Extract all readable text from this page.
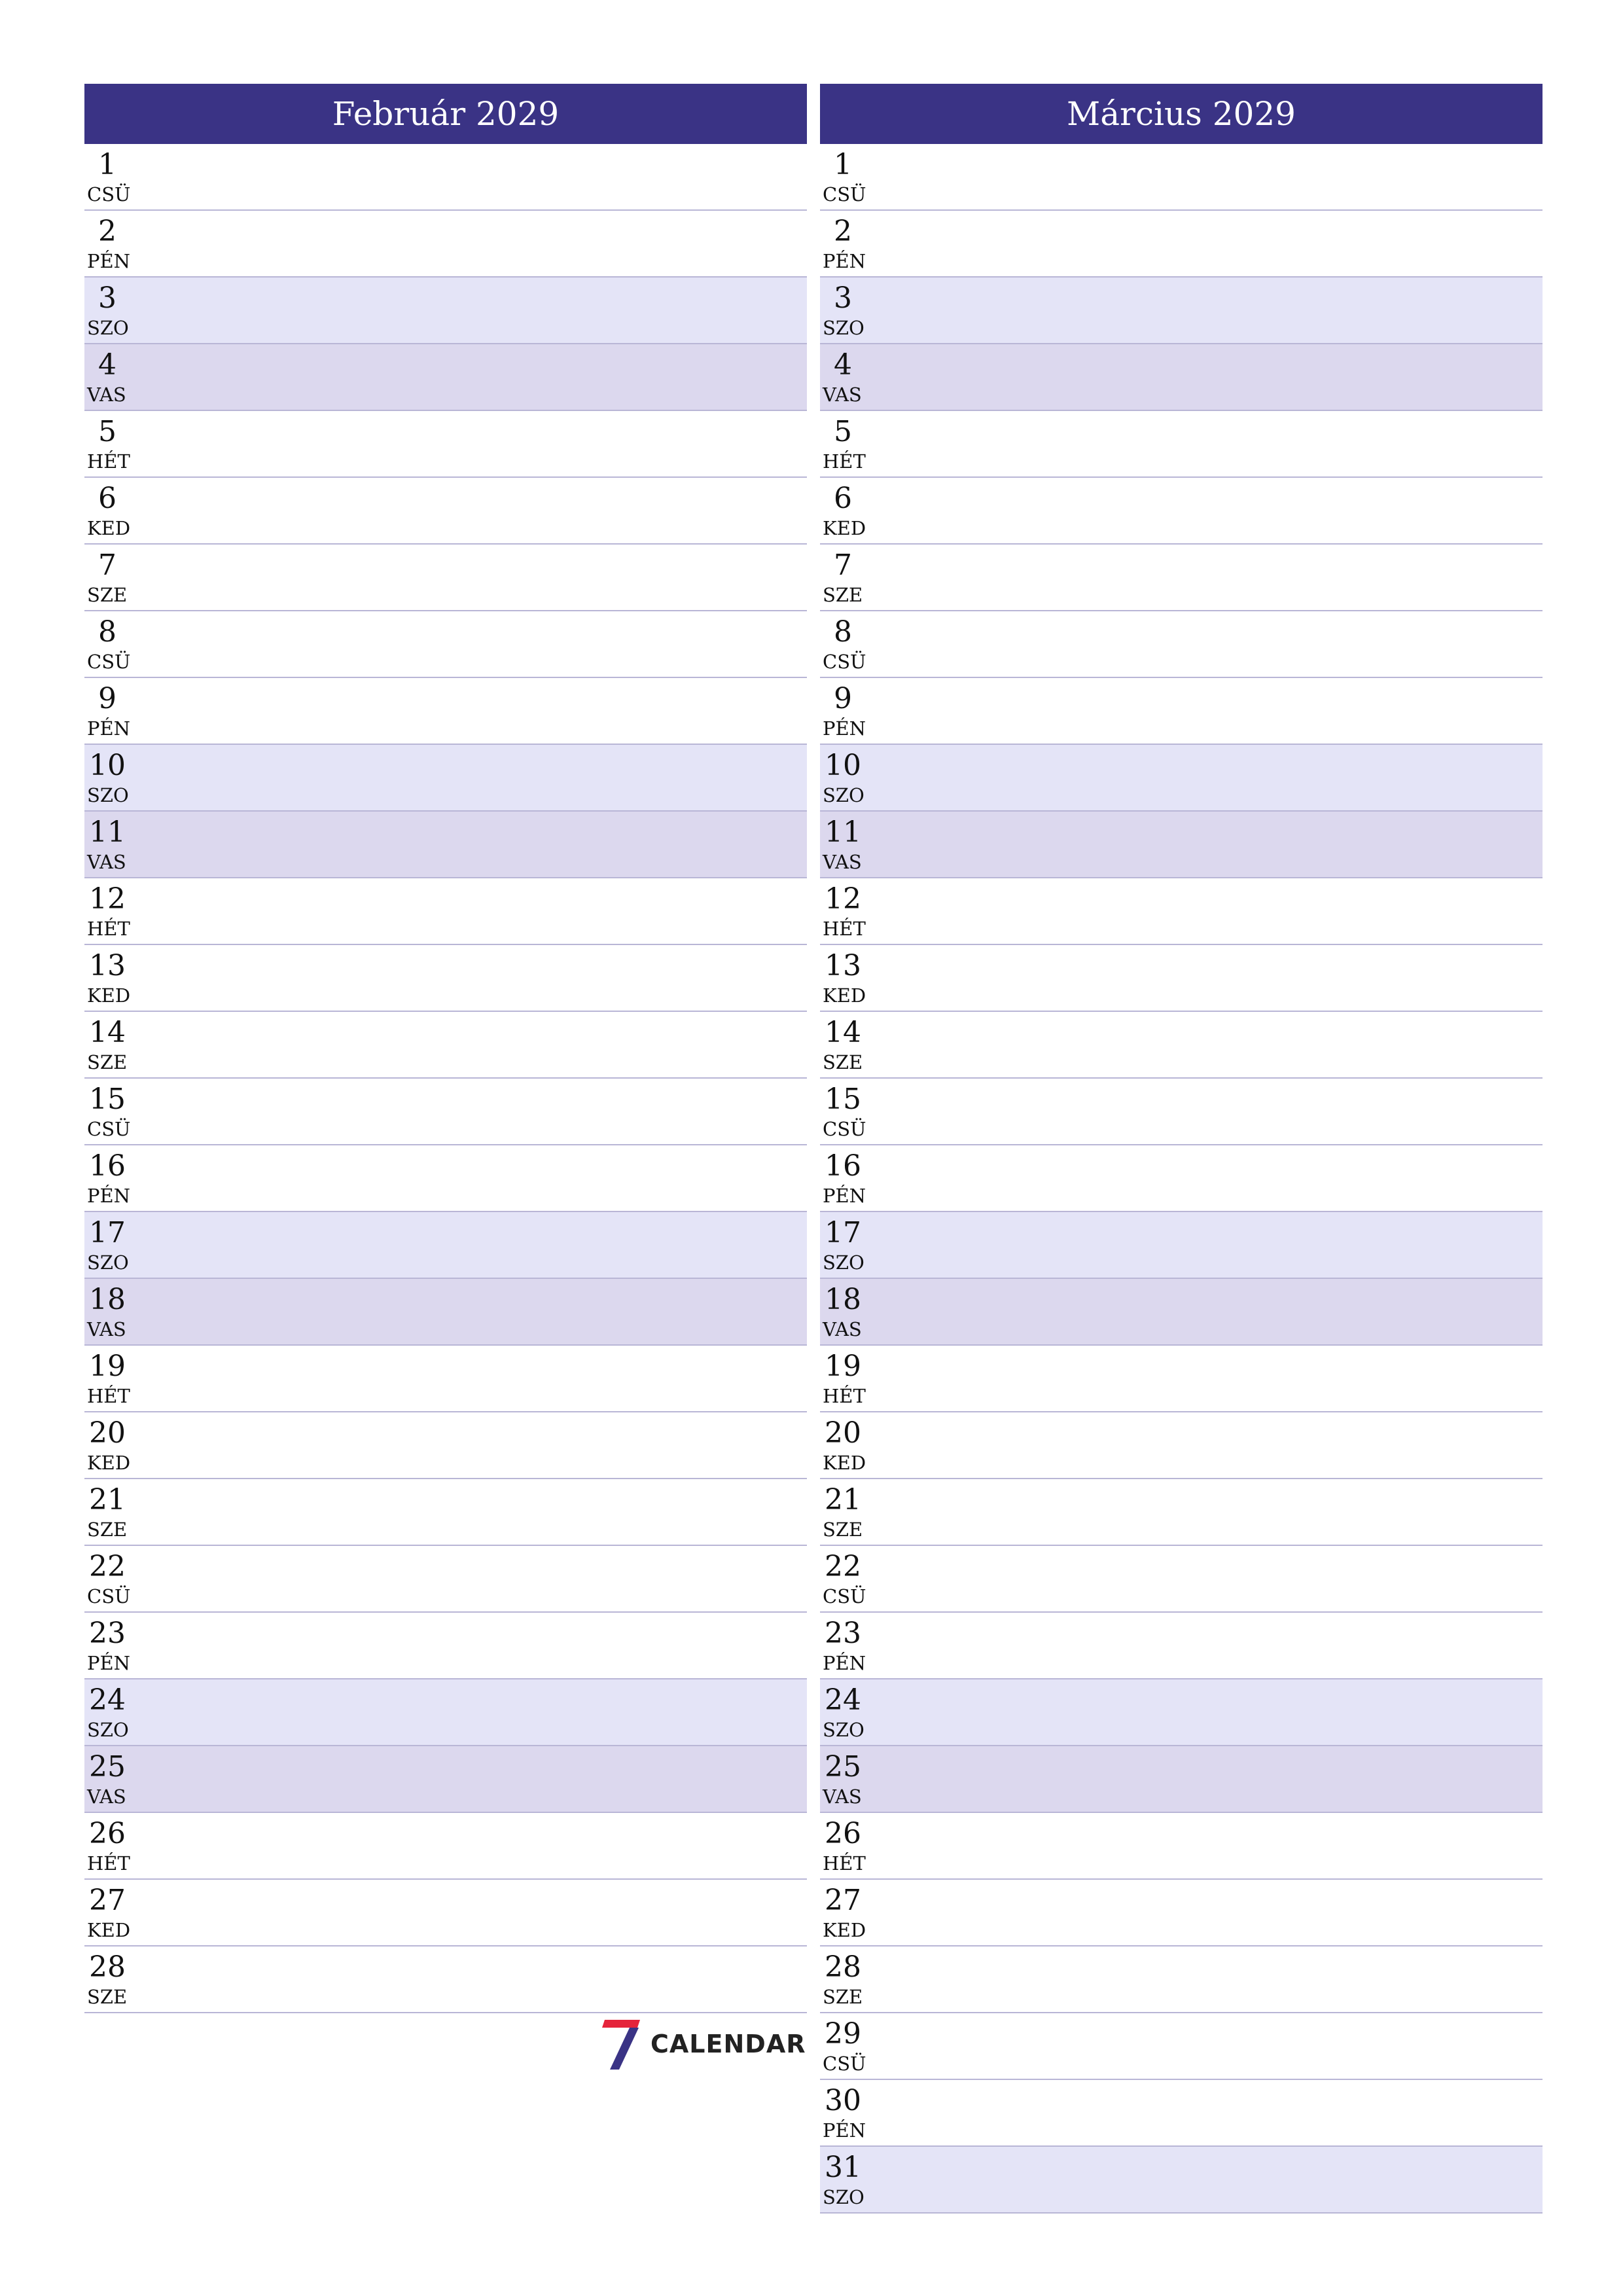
Február 2029
1
CSÜ
2
PÉN
3
SZO
4
VAS
5
HÉT
6
KED
7
SZE
8
CSÜ
9
PÉN
10
SZO
11
VAS
12
HÉT
13
KED
14
SZE
15
CSÜ
16
PÉN
17
SZO
18
VAS
19
HÉT
20
KED
21
SZE
22
CSÜ
23
PÉN
24
SZO
25
VAS
26
HÉT
27
KED
28
SZE
Március 2029
1
CSÜ
2
PÉN
3
SZO
4
VAS
5
HÉT
6
KED
7
SZE
8
CSÜ
9
PÉN
10
SZO
11
VAS
12
HÉT
13
KED
14
SZE
15
CSÜ
16
PÉN
17
SZO
18
VAS
19
HÉT
20
KED
21
SZE
22
CSÜ
23
PÉN
24
SZO
25
VAS
26
HÉT
27
KED
28
SZE
29
CSÜ
30
PÉN
31
SZO
CALENDAR
